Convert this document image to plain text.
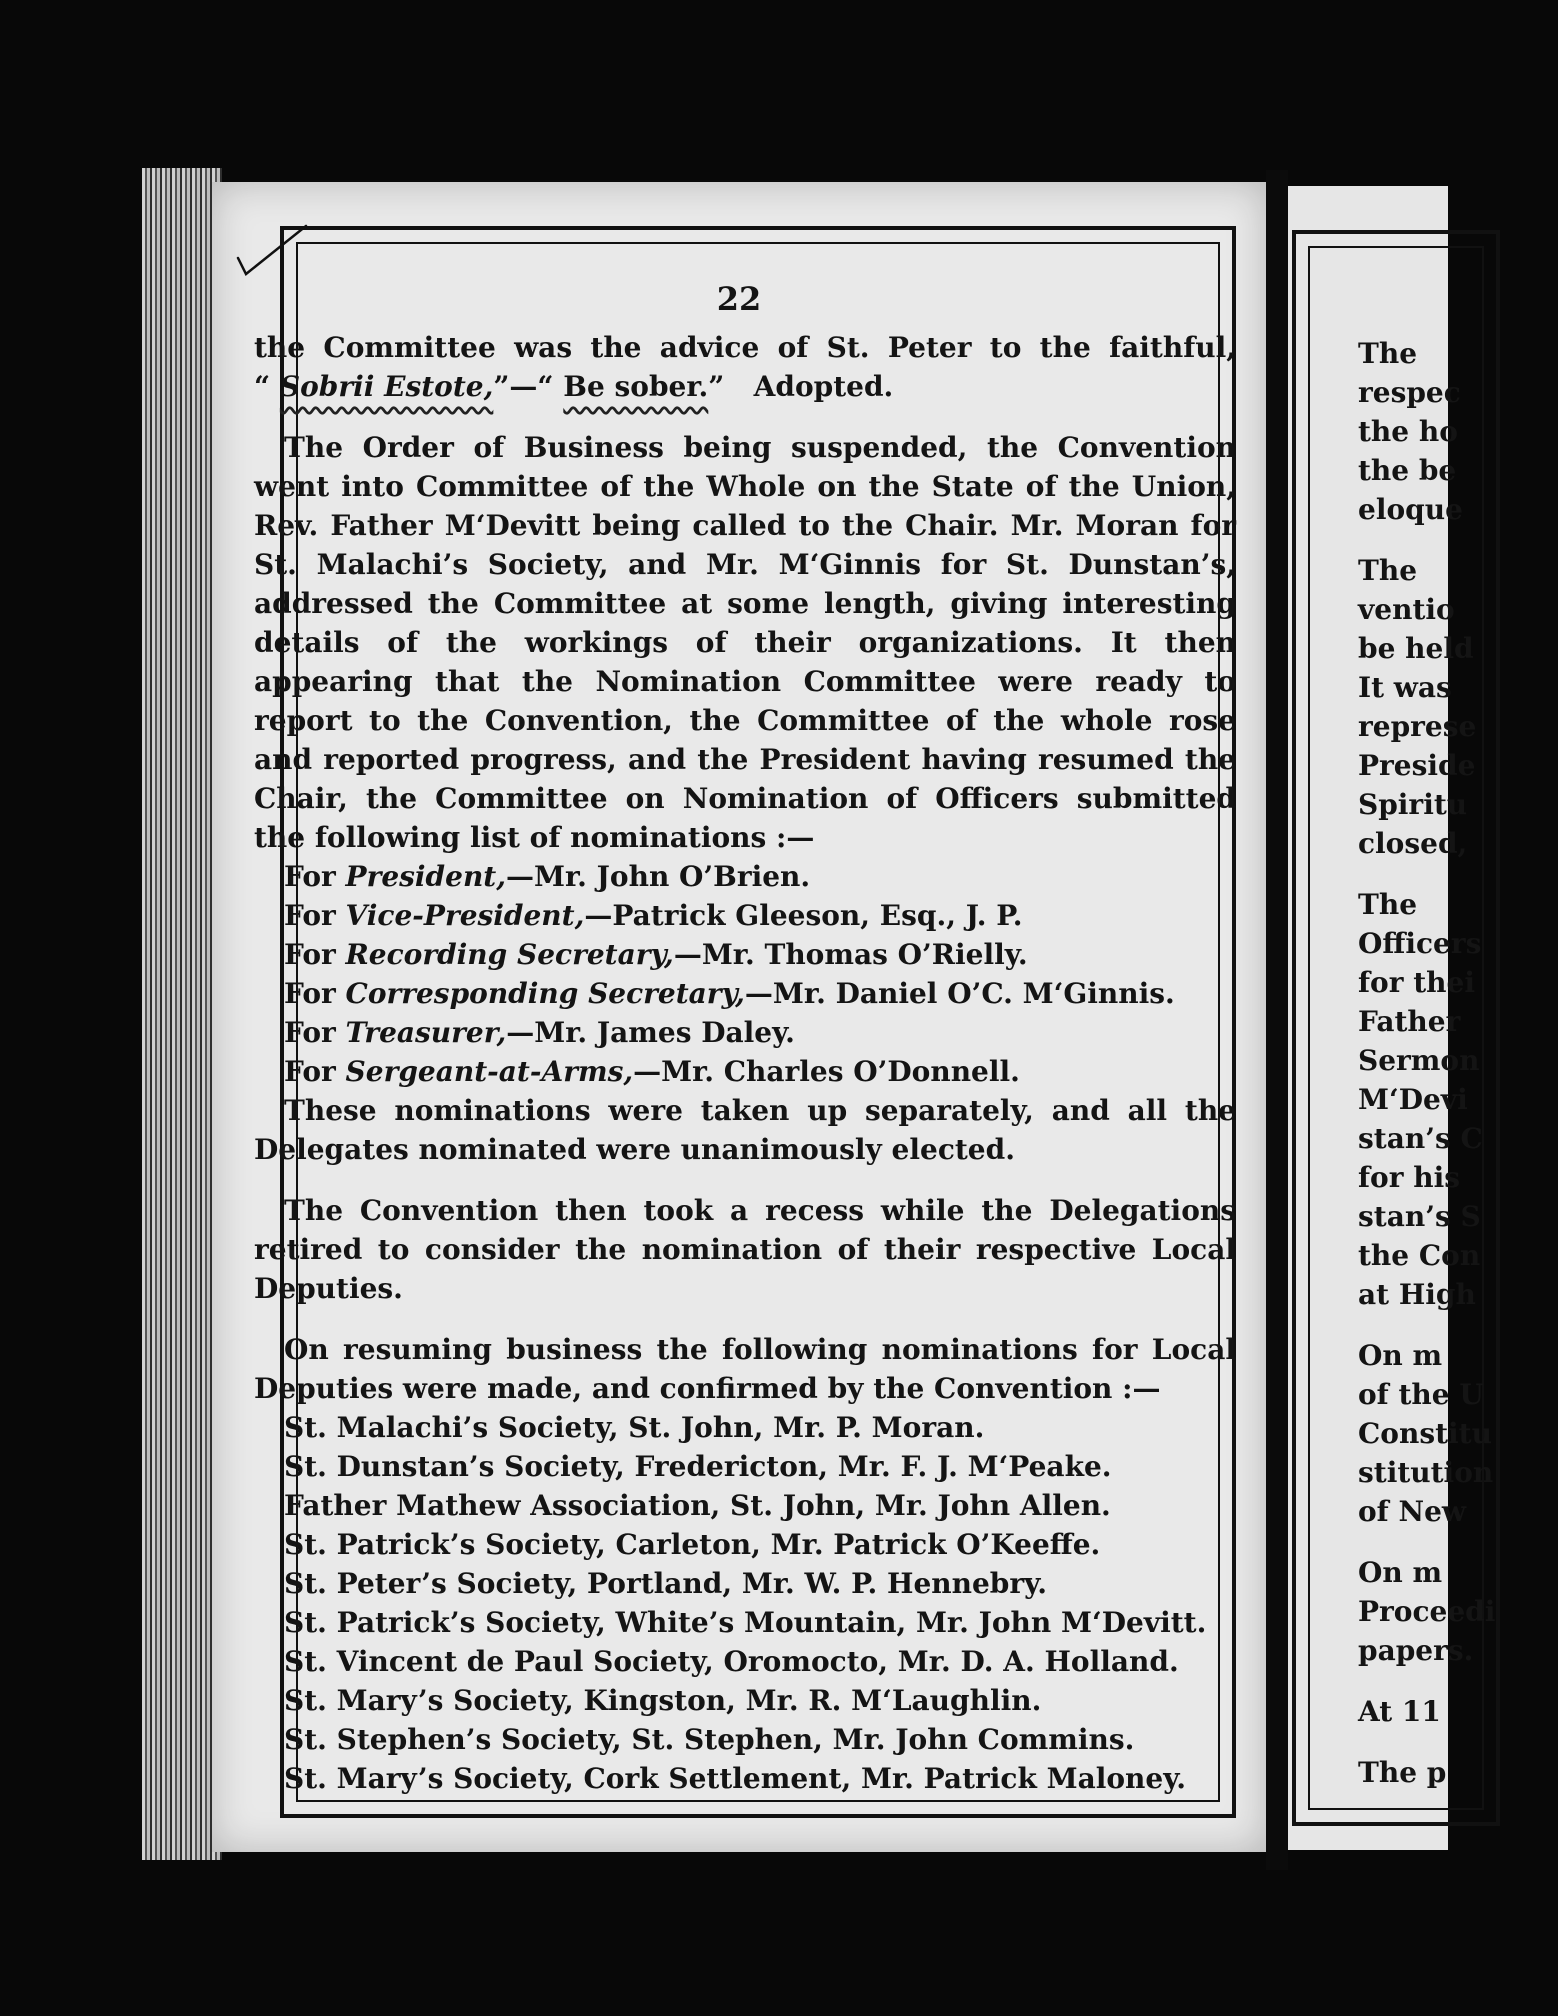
22

the Committee was the advice of St. Peter to the faithful, “ Sobrii Estote,”—“ Be sober.”   Adopted.

The Order of Business being suspended, the Convention went into Committee of the Whole on the State of the Union, Rev. Father M‘Devitt being called to the Chair. Mr. Moran for St. Malachi’s Society, and Mr. M‘Ginnis for St. Dunstan’s, addressed the Committee at some length, giving interesting details of the workings of their organizations. It then appearing that the Nomination Committee were ready to report to the Convention, the Committee of the whole rose and reported progress, and the President having resumed the Chair, the Committee on Nomination of Officers submitted the following list of nominations :—

For President,—Mr. John O’Brien.
For Vice-President,—Patrick Gleeson, Esq., J. P.
For Recording Secretary,—Mr. Thomas O’Rielly.
For Corresponding Secretary,—Mr. Daniel O’C. M‘Ginnis.
For Treasurer,—Mr. James Daley.
For Sergeant-at-Arms,—Mr. Charles O’Donnell.

These nominations were taken up separately, and all the Delegates nominated were unanimously elected.

The Convention then took a recess while the Delegations retired to consider the nomination of their respective Local Deputies.

On resuming business the following nominations for Local Deputies were made, and confirmed by the Convention :—

St. Malachi’s Society, St. John, Mr. P. Moran.
St. Dunstan’s Society, Fredericton, Mr. F. J. M‘Peake.
Father Mathew Association, St. John, Mr. John Allen.
St. Patrick’s Society, Carleton, Mr. Patrick O’Keeffe.
St. Peter’s Society, Portland, Mr. W. P. Hennebry.
St. Patrick’s Society, White’s Mountain, Mr. John M‘Devitt.
St. Vincent de Paul Society, Oromocto, Mr. D. A. Holland.
St. Mary’s Society, Kingston, Mr. R. M‘Laughlin.
St. Stephen’s Society, St. Stephen, Mr. John Commins.
St. Mary’s Society, Cork Settlement, Mr. Patrick Maloney.
The
respec
the ho
the be
eloque
The
ventio
be held
It was
represe
Preside
Spiritu
closed,
The
Officers
for thei
Father
Sermon
M‘Devi
stan’s C
for his
stan’s S
the Con
at High
On m
of the U
Constitu
stitution
of New
On m
Proceedi
papers.
At 11
The p
